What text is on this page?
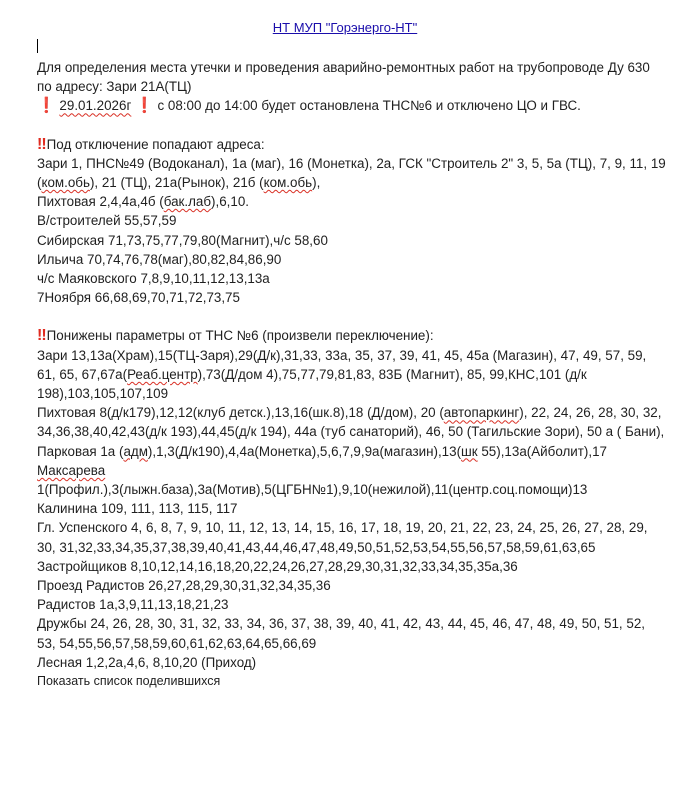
НТ МУП "Горэнерго-НТ"

Для определения места утечки и проведения аварийно-ремонтных работ на трубопроводе Ду 630 по адресу: Зари 21А(ТЦ)
❗ 29.01.2026г ❗ с 08:00 до 14:00 будет остановлена ТНС№6 и отключено ЦО и ГВС.

‼ Под отключение попадают адреса:
Зари 1, ПНС№49 (Водоканал), 1а (маг), 16 (Монетка), 2а, ГСК "Строитель 2" 3, 5, 5а (ТЦ), 7, 9, 11, 19 (ком.обь), 21 (ТЦ), 21а(Рынок), 21б (ком.обь),
Пихтовая 2,4,4а,4б (бак.лаб),6,10.
В/строителей 55,57,59
Сибирская 71,73,75,77,79,80(Магнит),ч/с 58,60
Ильича 70,74,76,78(маг),80,82,84,86,90
ч/с Маяковского 7,8,9,10,11,12,13,13а
7Ноября 66,68,69,70,71,72,73,75

‼ Понижены параметры от ТНС №6 (произвели переключение):
Зари 13,13а(Храм),15(ТЦ-Заря),29(Д/к),31,33, 33а, 35, 37, 39, 41, 45, 45а (Магазин), 47, 49, 57, 59, 61, 65, 67,67а(Реаб.центр),73(Д/дом 4),75,77,79,81,83, 83Б (Магнит), 85, 99,КНС,101 (д/к 198),103,105,107,109
Пихтовая 8(д/к179),12,12(клуб детск.),13,16(шк.8),18 (Д/дом), 20 (автопаркинг), 22, 24, 26, 28, 30, 32, 34,36,38,40,42,43(д/к 193),44,45(д/к 194), 44а (туб санаторий), 46, 50 (Тагильские Зори), 50 а ( Бани),
Парковая 1а (адм),1,3(Д/к190),4,4а(Монетка),5,6,7,9,9а(магазин),13(шк 55),13а(Айболит),17
Максарева
1(Профил.),3(лыжн.база),3а(Мотив),5(ЦГБН№1),9,10(нежилой),11(центр.соц.помощи)13
Калинина 109, 111, 113, 115, 117
Гл. Успенского 4, 6, 8, 7, 9, 10, 11, 12, 13, 14, 15, 16, 17, 18, 19, 20, 21, 22, 23, 24, 25, 26, 27, 28, 29, 30, 31,32,33,34,35,37,38,39,40,41,43,44,46,47,48,49,50,51,52,53,54,55,56,57,58,59,61,63,65
Застройщиков 8,10,12,14,16,18,20,22,24,26,27,28,29,30,31,32,33,34,35,35а,36
Проезд Радистов 26,27,28,29,30,31,32,34,35,36
Радистов 1а,3,9,11,13,18,21,23
Дружбы 24, 26, 28, 30, 31, 32, 33, 34, 36, 37, 38, 39, 40, 41, 42, 43, 44, 45, 46, 47, 48, 49, 50, 51, 52, 53, 54,55,56,57,58,59,60,61,62,63,64,65,66,69
Лесная 1,2,2а,4,6, 8,10,20 (Приход)

Показать список поделившихся
